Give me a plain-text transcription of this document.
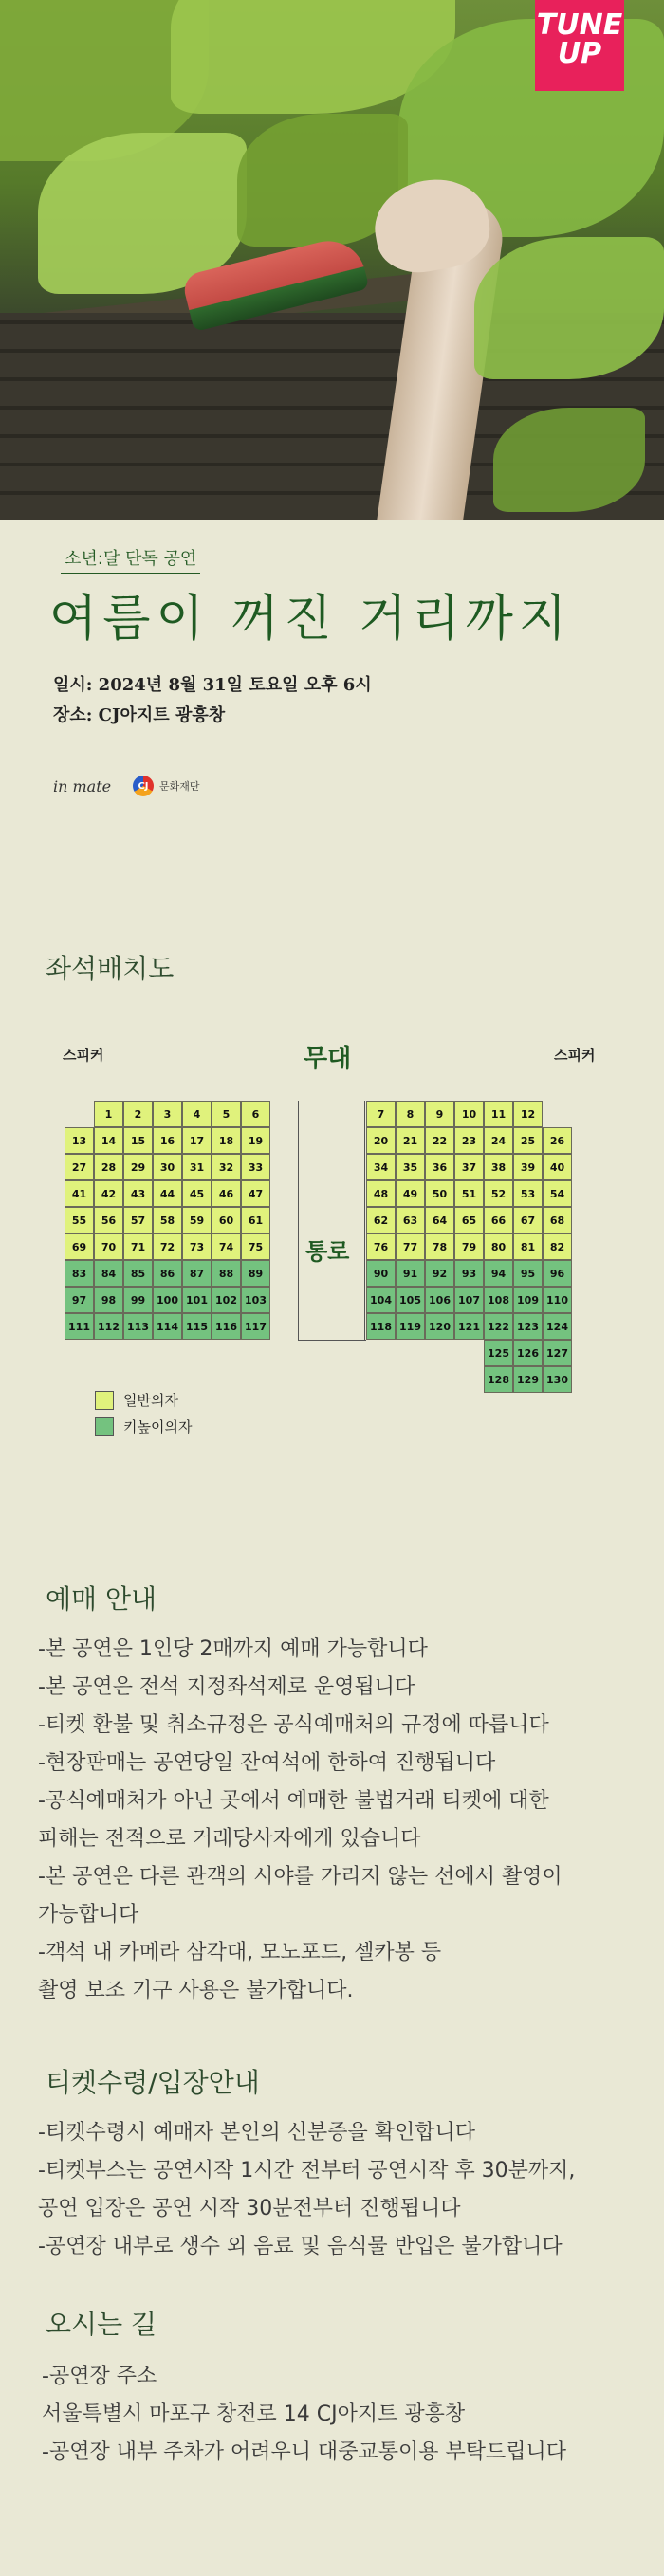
TUNE
UP
소년:달 단독 공연
여름이 꺼진 거리까지
일시: 2024년 8월 31일 토요일 오후 6시
장소: CJ아지트 광흥창
in mate	CJ	문화재단
좌석배치도
스피커	스피커
무대
통로
1	2	3	4	5	6
13	14	15	16	17	18	19
27	28	29	30	31	32	33
41	42	43	44	45	46	47
55	56	57	58	59	60	61
69	70	71	72	73	74	75
83	84	85	86	87	88	89
97	98	99	100 101 102 103
111 112 113 114 115 116 117
7	8	9	10	11	12
20	21	22	23	24	25	26
34	35	36	37	38	39	40
48	49	50	51	52	53	54
62	63	64	65	66	67	68
76	77	78	79	80	81	82
90	91	92	93	94	95	96
104 105 106 107 108 109 110
118 119 120 121 122 123 124
125 126 127
128 129 130
일반의자
키높이의자
예매 안내
-본 공연은 1인당 2매까지 예매 가능합니다
-본 공연은 전석 지정좌석제로 운영됩니다
-티켓 환불 및 취소규정은 공식예매처의 규정에 따릅니다
-현장판매는 공연당일 잔여석에 한하여 진행됩니다
-공식예매처가 아닌 곳에서 예매한 불법거래 티켓에 대한
피해는 전적으로 거래당사자에게 있습니다
-본 공연은 다른 관객의 시야를 가리지 않는 선에서 촬영이
가능합니다
-객석 내 카메라 삼각대, 모노포드, 셀카봉 등
촬영 보조 기구 사용은 불가합니다.
티켓수령/입장안내
-티켓수령시 예매자 본인의 신분증을 확인합니다
-티켓부스는 공연시작 1시간 전부터 공연시작 후 30분까지,
공연 입장은 공연 시작 30분전부터 진행됩니다
-공연장 내부로 생수 외 음료 및 음식물 반입은 불가합니다
오시는 길
-공연장 주소
서울특별시 마포구 창전로 14 CJ아지트 광흥창
-공연장 내부 주차가 어려우니 대중교통이용 부탁드립니다
